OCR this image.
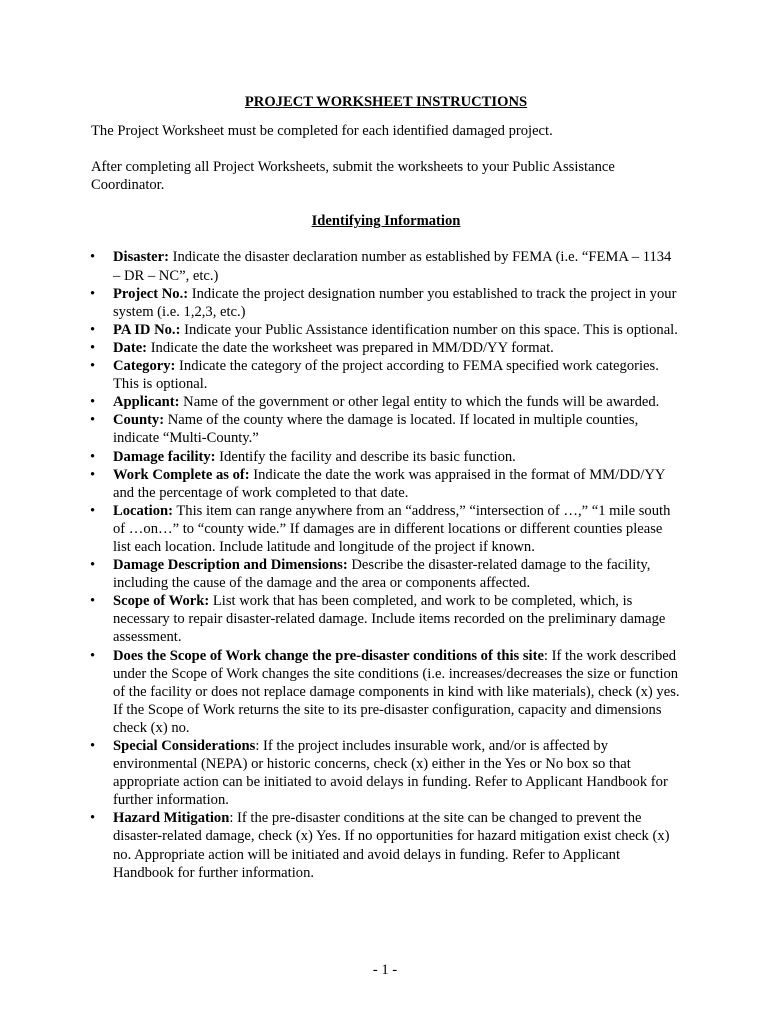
PROJECT WORKSHEET INSTRUCTIONS

The Project Worksheet must be completed for each identified damaged project.

After completing all Project Worksheets, submit the worksheets to your Public Assistance Coordinator.

Identifying Information
• Disaster: Indicate the disaster declaration number as established by FEMA (i.e. “FEMA – 1134 – DR – NC”, etc.)
• Project No.: Indicate the project designation number you established to track the project in your system (i.e. 1,2,3, etc.)
• PA ID No.: Indicate your Public Assistance identification number on this space. This is optional.
• Date: Indicate the date the worksheet was prepared in MM/DD/YY format.
• Category: Indicate the category of the project according to FEMA specified work categories. This is optional.
• Applicant: Name of the government or other legal entity to which the funds will be awarded.
• County: Name of the county where the damage is located. If located in multiple counties, indicate “Multi-County.”
• Damage facility: Identify the facility and describe its basic function.
• Work Complete as of: Indicate the date the work was appraised in the format of MM/DD/YY and the percentage of work completed to that date.
• Location: This item can range anywhere from an “address,” “intersection of …,” “1 mile south of …on…” to “county wide.” If damages are in different locations or different counties please list each location. Include latitude and longitude of the project if known.
• Damage Description and Dimensions: Describe the disaster-related damage to the facility, including the cause of the damage and the area or components affected.
• Scope of Work: List work that has been completed, and work to be completed, which, is necessary to repair disaster-related damage. Include items recorded on the preliminary damage assessment.
• Does the Scope of Work change the pre-disaster conditions of this site: If the work described under the Scope of Work changes the site conditions (i.e. increases/decreases the size or function of the facility or does not replace damage components in kind with like materials), check (x) yes. If the Scope of Work returns the site to its pre-disaster configuration, capacity and dimensions check (x) no.
• Special Considerations: If the project includes insurable work, and/or is affected by environmental (NEPA) or historic concerns, check (x) either in the Yes or No box so that appropriate action can be initiated to avoid delays in funding. Refer to Applicant Handbook for further information.
• Hazard Mitigation: If the pre-disaster conditions at the site can be changed to prevent the disaster-related damage, check (x) Yes. If no opportunities for hazard mitigation exist check (x) no. Appropriate action will be initiated and avoid delays in funding. Refer to Applicant Handbook for further information.
- 1 -
